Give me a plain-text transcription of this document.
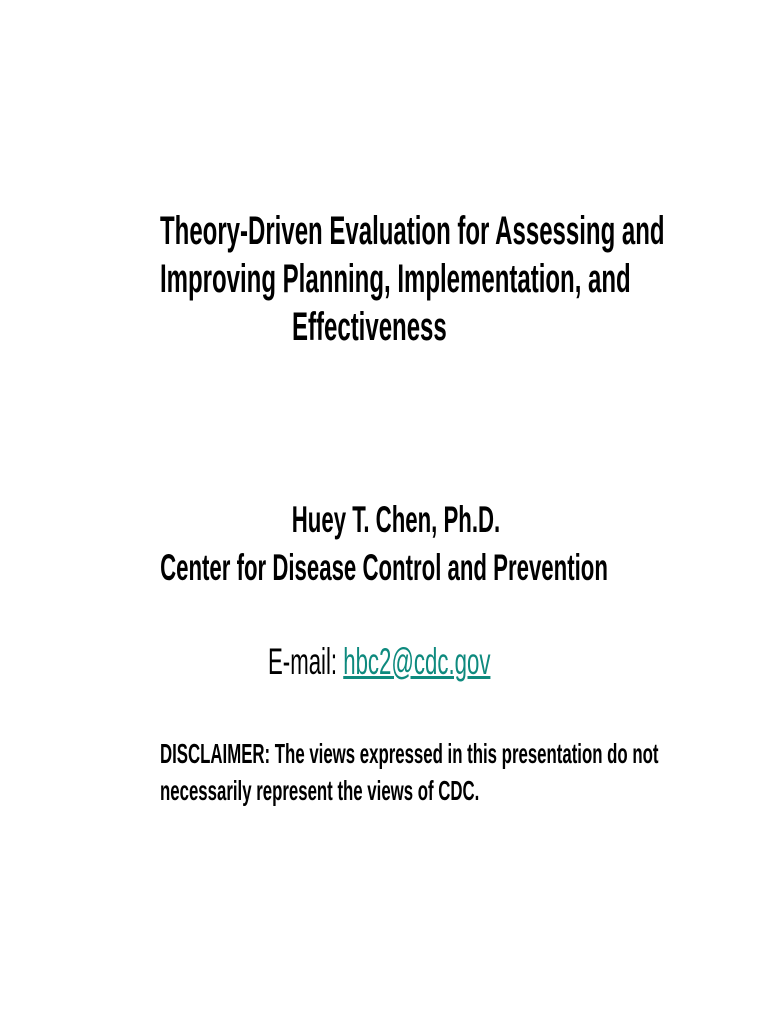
Theory-Driven Evaluation for Assessing and
Improving Planning, Implementation, and
Effectiveness
Huey T. Chen, Ph.D.
Center for Disease Control and Prevention
E-mail: hbc2@cdc.gov
DISCLAIMER: The views expressed in this presentation do not
necessarily represent the views of CDC.
